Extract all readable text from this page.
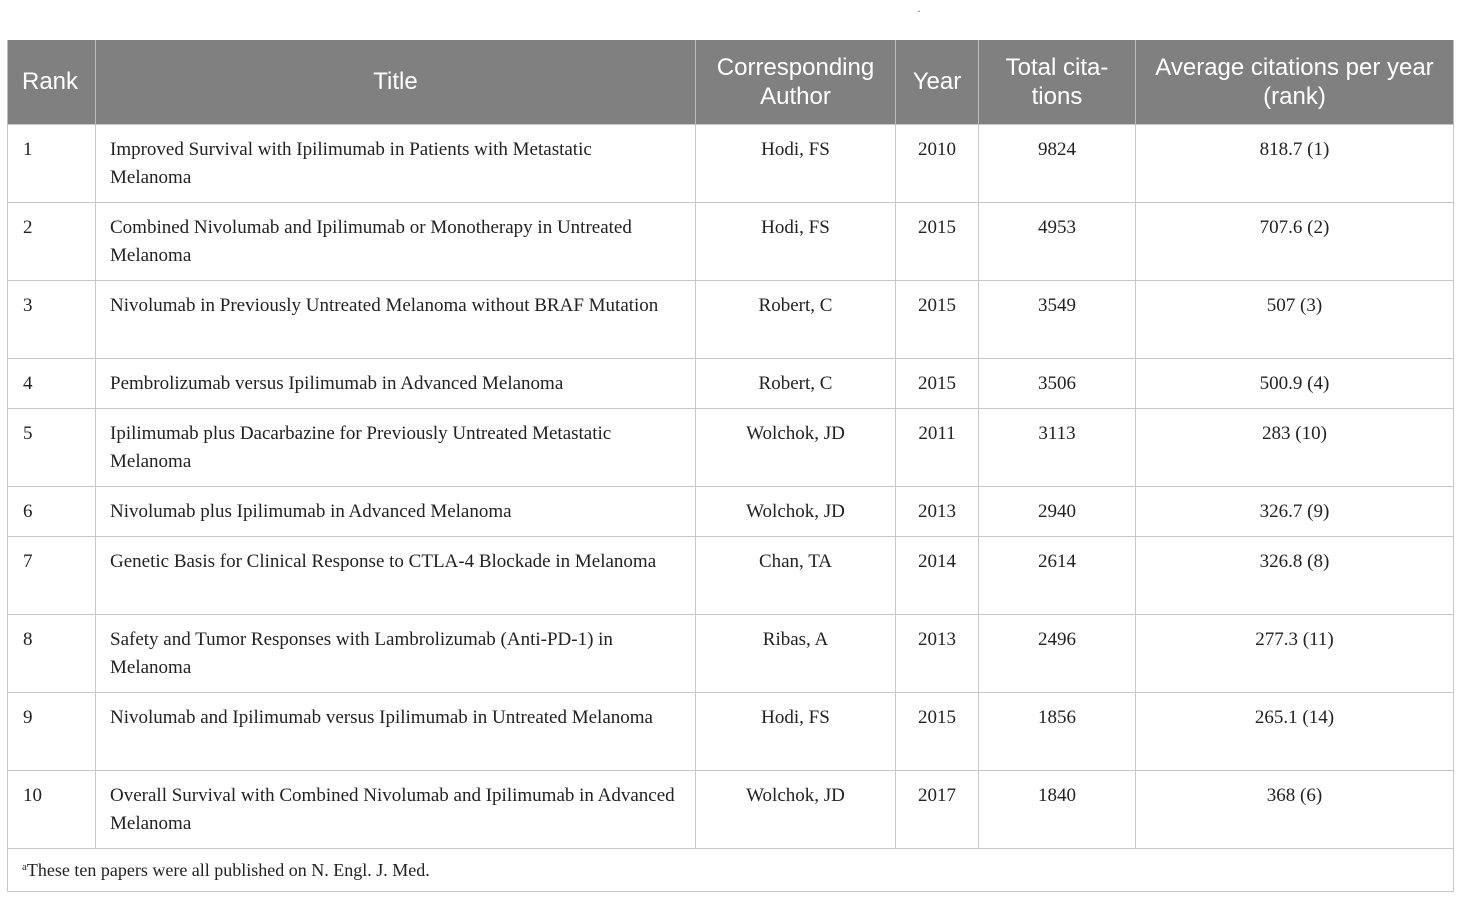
·
Rank	Title	Corresponding Author	Year	Total cita-tions	Average citations per year (rank)
1	Improved Survival with Ipilimumab in Patients with Metastatic Melanoma	Hodi, FS	2010	9824	818.7 (1)
2	Combined Nivolumab and Ipilimumab or Monotherapy in Untreated Melanoma	Hodi, FS	2015	4953	707.6 (2)
3	Nivolumab in Previously Untreated Melanoma without BRAF Mutation	Robert, C	2015	3549	507 (3)
4	Pembrolizumab versus Ipilimumab in Advanced Melanoma	Robert, C	2015	3506	500.9 (4)
5	Ipilimumab plus Dacarbazine for Previously Untreated Metastatic Melanoma	Wolchok, JD	2011	3113	283 (10)
6	Nivolumab plus Ipilimumab in Advanced Melanoma	Wolchok, JD	2013	2940	326.7 (9)
7	Genetic Basis for Clinical Response to CTLA-4 Blockade in Melanoma	Chan, TA	2014	2614	326.8 (8)
8	Safety and Tumor Responses with Lambrolizumab (Anti-PD-1) in Melanoma	Ribas, A	2013	2496	277.3 (11)
9	Nivolumab and Ipilimumab versus Ipilimumab in Untreated Melanoma	Hodi, FS	2015	1856	265.1 (14)
10	Overall Survival with Combined Nivolumab and Ipilimumab in Advanced Melanoma	Wolchok, JD	2017	1840	368 (6)
$^a$These ten papers were all published on N. Engl. J. Med.					
